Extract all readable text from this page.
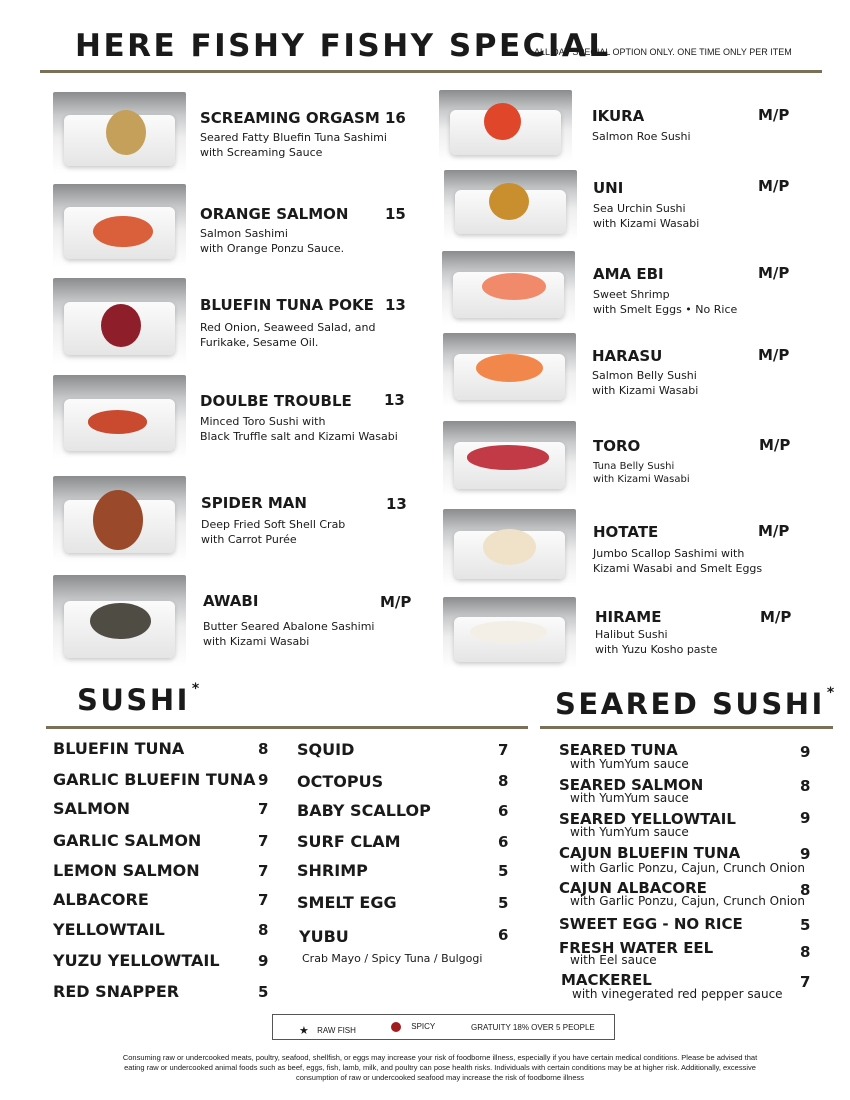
HERE FISHY FISHY SPECIAL
ALL DAY SPECIAL OPTION ONLY. ONE TIME ONLY PER ITEM
SCREAMING ORGASM 16
Seared Fatty Bluefin Tuna Sashimi
with Screaming Sauce
ORANGE SALMON 15
Salmon Sashimi
with Orange Ponzu Sauce.
BLUEFIN TUNA POKE 13
Red Onion, Seaweed Salad, and
Furikake, Sesame Oil.
DOULBE TROUBLE 13
Minced Toro Sushi with
Black Truffle salt and Kizami Wasabi
SPIDER MAN	13
Deep Fried Soft Shell Crab
with Carrot Purée
AWABI	M/P
Butter Seared Abalone Sashimi
with Kizami Wasabi
IKURA	M/P
Salmon Roe Sushi
UNI	M/P
Sea Urchin Sushi
with Kizami Wasabi
AMA EBI	M/P
Sweet Shrimp
with Smelt Eggs • No Rice
HARASU	M/P
Salmon Belly Sushi
with Kizami Wasabi
TORO	M/P
Tuna Belly Sushi
with Kizami Wasabi
HOTATE	M/P
Jumbo Scallop Sashimi with
Kizami Wasabi and Smelt Eggs
HIRAME	M/P
Halibut Sushi
with Yuzu Kosho paste
SUSHI *
BLUEFIN TUNA	8
GARLIC BLUEFIN TUNA 9
SALMON	7
GARLIC SALMON	7
LEMON SALMON	7
ALBACORE	7
YELLOWTAIL	8
YUZU YELLOWTAIL	9
RED SNAPPER	5
SQUID	7
OCTOPUS	8
BABY SCALLOP	6
SURF CLAM	6
SHRIMP	5
SMELT EGG	5
YUBU	6
Crab Mayo / Spicy Tuna / Bulgogi
SEARED SUSHI *
SEARED TUNA	9
with YumYum sauce
SEARED SALMON	8
with YumYum sauce
SEARED YELLOWTAIL	9
with YumYum sauce
CAJUN BLUEFIN TUNA	9
with Garlic Ponzu, Cajun, Crunch Onion
CAJUN ALBACORE	8
with Garlic Ponzu, Cajun, Crunch Onion
SWEET EGG - NO RICE	5
FRESH WATER EEL	8
with Eel sauce
MACKEREL	7
with vinegerated red pepper sauce
★ RAW FISH	SPICY	GRATUITY 18% OVER 5 PEOPLE
Consuming raw or undercooked meats, poultry, seafood, shellfish, or eggs may increase your risk of foodborne illness, especially if you have certain medical conditions. Please be advised that eating raw or undercooked animal foods such as beef, eggs, fish, lamb, milk, and poultry can pose health risks. Individuals with certain conditions may be at higher risk. Additionally, excessive consumption of raw or undercooked seafood may increase the risk of foodborne illness
